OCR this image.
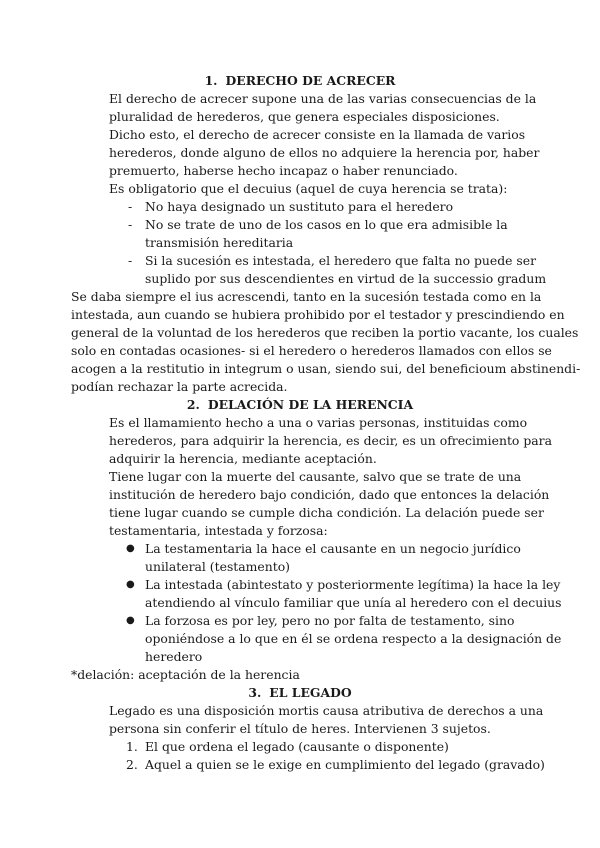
1. DERECHO DE ACRECER
El derecho de acrecer supone una de las varias consecuencias de la
pluralidad de herederos, que genera especiales disposiciones.
Dicho esto, el derecho de acrecer consiste en la llamada de varios
herederos, donde alguno de ellos no adquiere la herencia por, haber
premuerto, haberse hecho incapaz o haber renunciado.
Es obligatorio que el decuius (aquel de cuya herencia se trata):
- No haya designado un sustituto para el heredero
- No se trate de uno de los casos en lo que era admisible la
transmisión hereditaria
- Si la sucesión es intestada, el heredero que falta no puede ser
suplido por sus descendientes en virtud de la successio gradum
Se daba siempre el ius acrescendi, tanto en la sucesión testada como en la
intestada, aun cuando se hubiera prohibido por el testador y prescindiendo en
general de la voluntad de los herederos que reciben la portio vacante, los cuales
solo en contadas ocasiones- si el heredero o herederos llamados con ellos se
acogen a la restitutio in integrum o usan, siendo sui, del beneficioum abstinendi-
podían rechazar la parte acrecida.
2. DELACIÓN DE LA HERENCIA
Es el llamamiento hecho a una o varias personas, instituidas como
herederos, para adquirir la herencia, es decir, es un ofrecimiento para
adquirir la herencia, mediante aceptación.
Tiene lugar con la muerte del causante, salvo que se trate de una
institución de heredero bajo condición, dado que entonces la delación
tiene lugar cuando se cumple dicha condición. La delación puede ser
testamentaria, intestada y forzosa:
● La testamentaria la hace el causante en un negocio jurídico
unilateral (testamento)
● La intestada (abintestato y posteriormente legítima) la hace la ley
atendiendo al vínculo familiar que unía al heredero con el decuius
● La forzosa es por ley, pero no por falta de testamento, sino
oponiéndose a lo que en él se ordena respecto a la designación de
heredero
*delación: aceptación de la herencia
3. EL LEGADO
Legado es una disposición mortis causa atributiva de derechos a una
persona sin conferir el título de heres. Intervienen 3 sujetos.
1. El que ordena el legado (causante o disponente)
2. Aquel a quien se le exige en cumplimiento del legado (gravado)
